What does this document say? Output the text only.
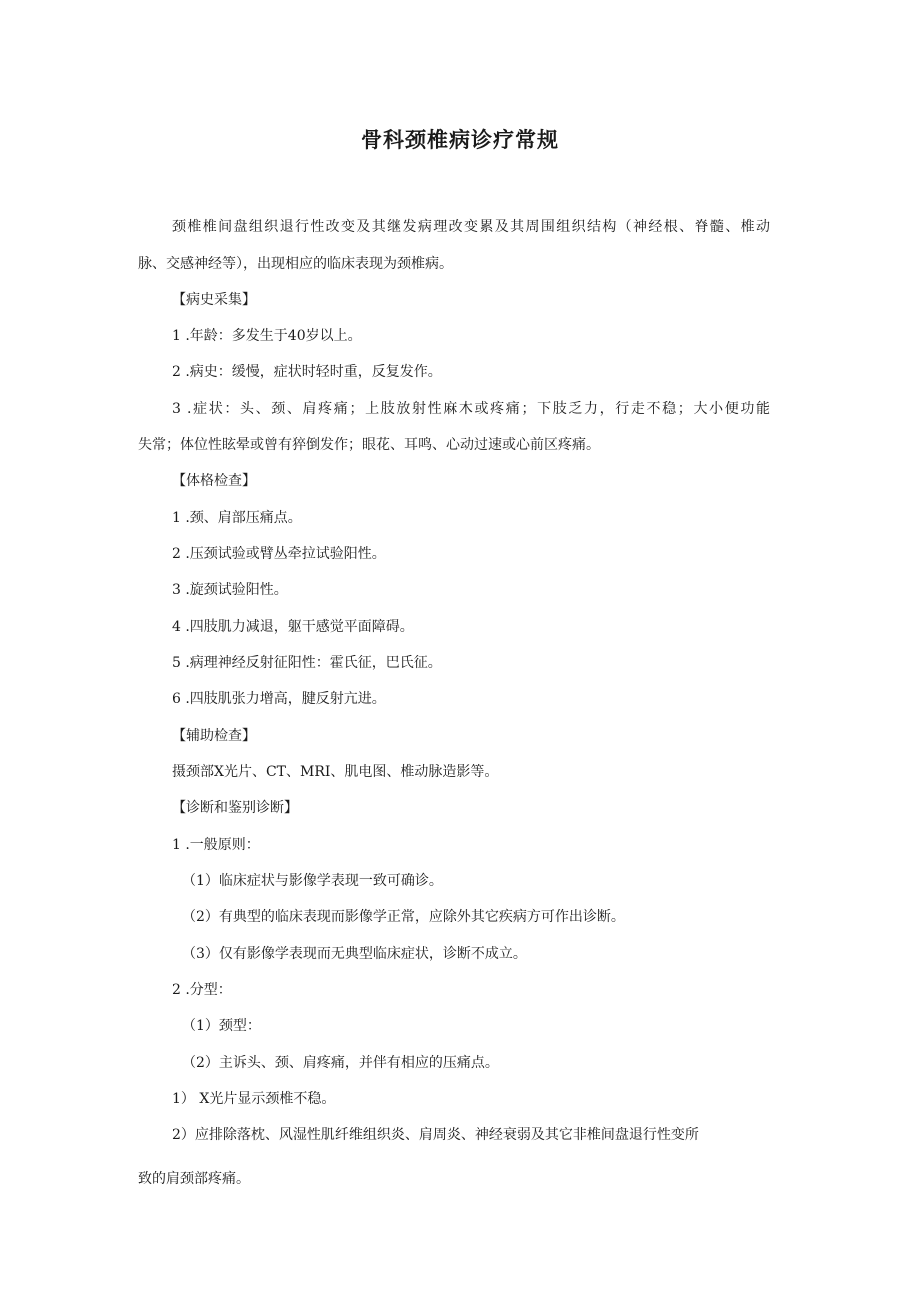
骨科颈椎病诊疗常规
颈椎椎间盘组织退行性改变及其继发病理改变累及其周围组织结构（神经根、脊髓、椎动
脉、交感神经等），出现相应的临床表现为颈椎病。
【病史采集】
1 .年龄：多发生于40岁以上。
2 .病史：缓慢，症状时轻时重，反复发作。
3 .症状：头、颈、肩疼痛；上肢放射性麻木或疼痛；下肢乏力，行走不稳；大小便功能
失常；体位性眩晕或曾有猝倒发作；眼花、耳鸣、心动过速或心前区疼痛。
【体格检查】
1 .颈、肩部压痛点。
2 .压颈试验或臂丛牵拉试验阳性。
3 .旋颈试验阳性。
4 .四肢肌力减退，躯干感觉平面障碍。
5 .病理神经反射征阳性：霍氏征，巴氏征。
6 .四肢肌张力增高，腱反射亢进。
【辅助检查】
摄颈部X光片、CT、MRI、肌电图、椎动脉造影等。
【诊断和鉴别诊断】
1 .一般原则：
（1）临床症状与影像学表现一致可确诊。
（2）有典型的临床表现而影像学正常，应除外其它疾病方可作出诊断。
（3）仅有影像学表现而无典型临床症状，诊断不成立。
2 .分型：
（1）颈型：
（2）主诉头、颈、肩疼痛，并伴有相应的压痛点。
1） X光片显示颈椎不稳。
2）应排除落枕、风湿性肌纤维组织炎、肩周炎、神经衰弱及其它非椎间盘退行性变所
致的肩颈部疼痛。
